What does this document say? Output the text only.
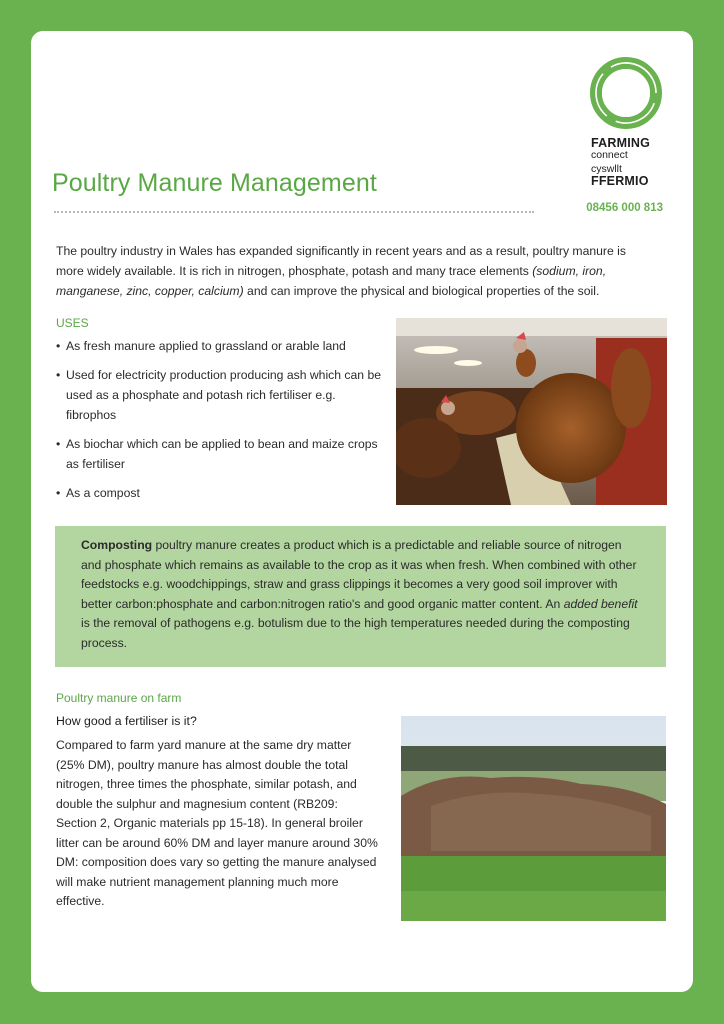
FARMING
connect
cyswllt
FFERMIO
08456 000 813
Poultry Manure Management
The poultry industry in Wales has expanded significantly in recent years and as a result, poultry manure is more widely available. It is rich in nitrogen, phosphate, potash and many trace elements (sodium, iron, manganese, zinc, copper, calcium) and can improve the physical and biological properties of the soil.
USES
• As fresh manure applied to grassland or arable land
• Used for electricity production producing ash which can be used as a phosphate and potash rich fertiliser e.g. fibrophos
• As biochar which can be applied to bean and maize crops as fertiliser
• As a compost
Composting poultry manure creates a product which is a predictable and reliable source of nitrogen and phosphate which remains as available to the crop as it was when fresh. When combined with other feedstocks e.g. woodchippings, straw and grass clippings it becomes a very good soil improver with better carbon:phosphate and carbon:nitrogen ratio's and good organic matter content. An added benefit is the removal of pathogens e.g. botulism due to the high temperatures needed during the composting process.
Poultry manure on farm
How good a fertiliser is it?
Compared to farm yard manure at the same dry matter (25% DM), poultry manure has almost double the total nitrogen, three times the phosphate, similar potash, and double the sulphur and magnesium content (RB209: Section 2, Organic materials pp 15-18). In general broiler litter can be around 60% DM and layer manure around 30% DM: composition does vary so getting the manure analysed will make nutrient management planning much more effective.
